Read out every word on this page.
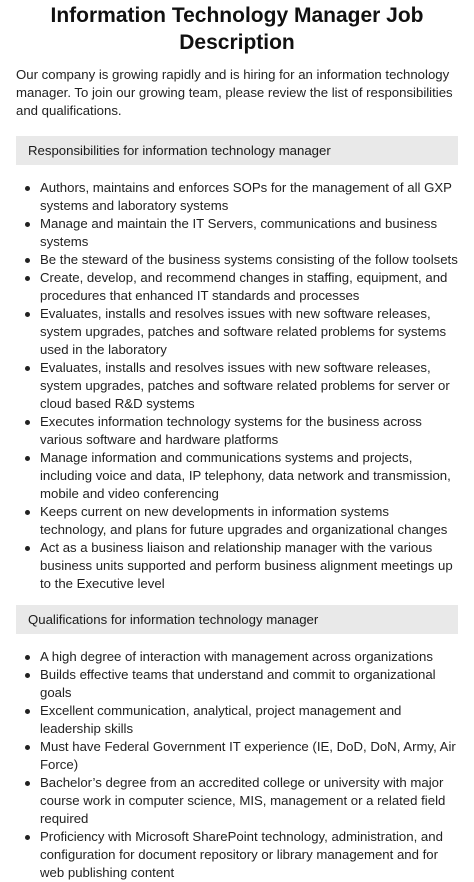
Information Technology Manager Job Description

Our company is growing rapidly and is hiring for an information technology manager. To join our growing team, please review the list of responsibilities and qualifications.

Responsibilities for information technology manager
Authors, maintains and enforces SOPs for the management of all GXP systems and laboratory systems
Manage and maintain the IT Servers, communications and business systems
Be the steward of the business systems consisting of the follow toolsets
Create, develop, and recommend changes in staffing, equipment, and procedures that enhanced IT standards and processes
Evaluates, installs and resolves issues with new software releases, system upgrades, patches and software related problems for systems used in the laboratory
Evaluates, installs and resolves issues with new software releases, system upgrades, patches and software related problems for server or cloud based R&D systems
Executes information technology systems for the business across various software and hardware platforms
Manage information and communications systems and projects, including voice and data, IP telephony, data network and transmission, mobile and video conferencing
Keeps current on new developments in information systems technology, and plans for future upgrades and organizational changes
Act as a business liaison and relationship manager with the various business units supported and perform business alignment meetings up to the Executive level
Qualifications for information technology manager
A high degree of interaction with management across organizations
Builds effective teams that understand and commit to organizational goals
Excellent communication, analytical, project management and leadership skills
Must have Federal Government IT experience (IE, DoD, DoN, Army, Air Force)
Bachelor’s degree from an accredited college or university with major course work in computer science, MIS, management or a related field required
Proficiency with Microsoft SharePoint technology, administration, and configuration for document repository or library management and for web publishing content
